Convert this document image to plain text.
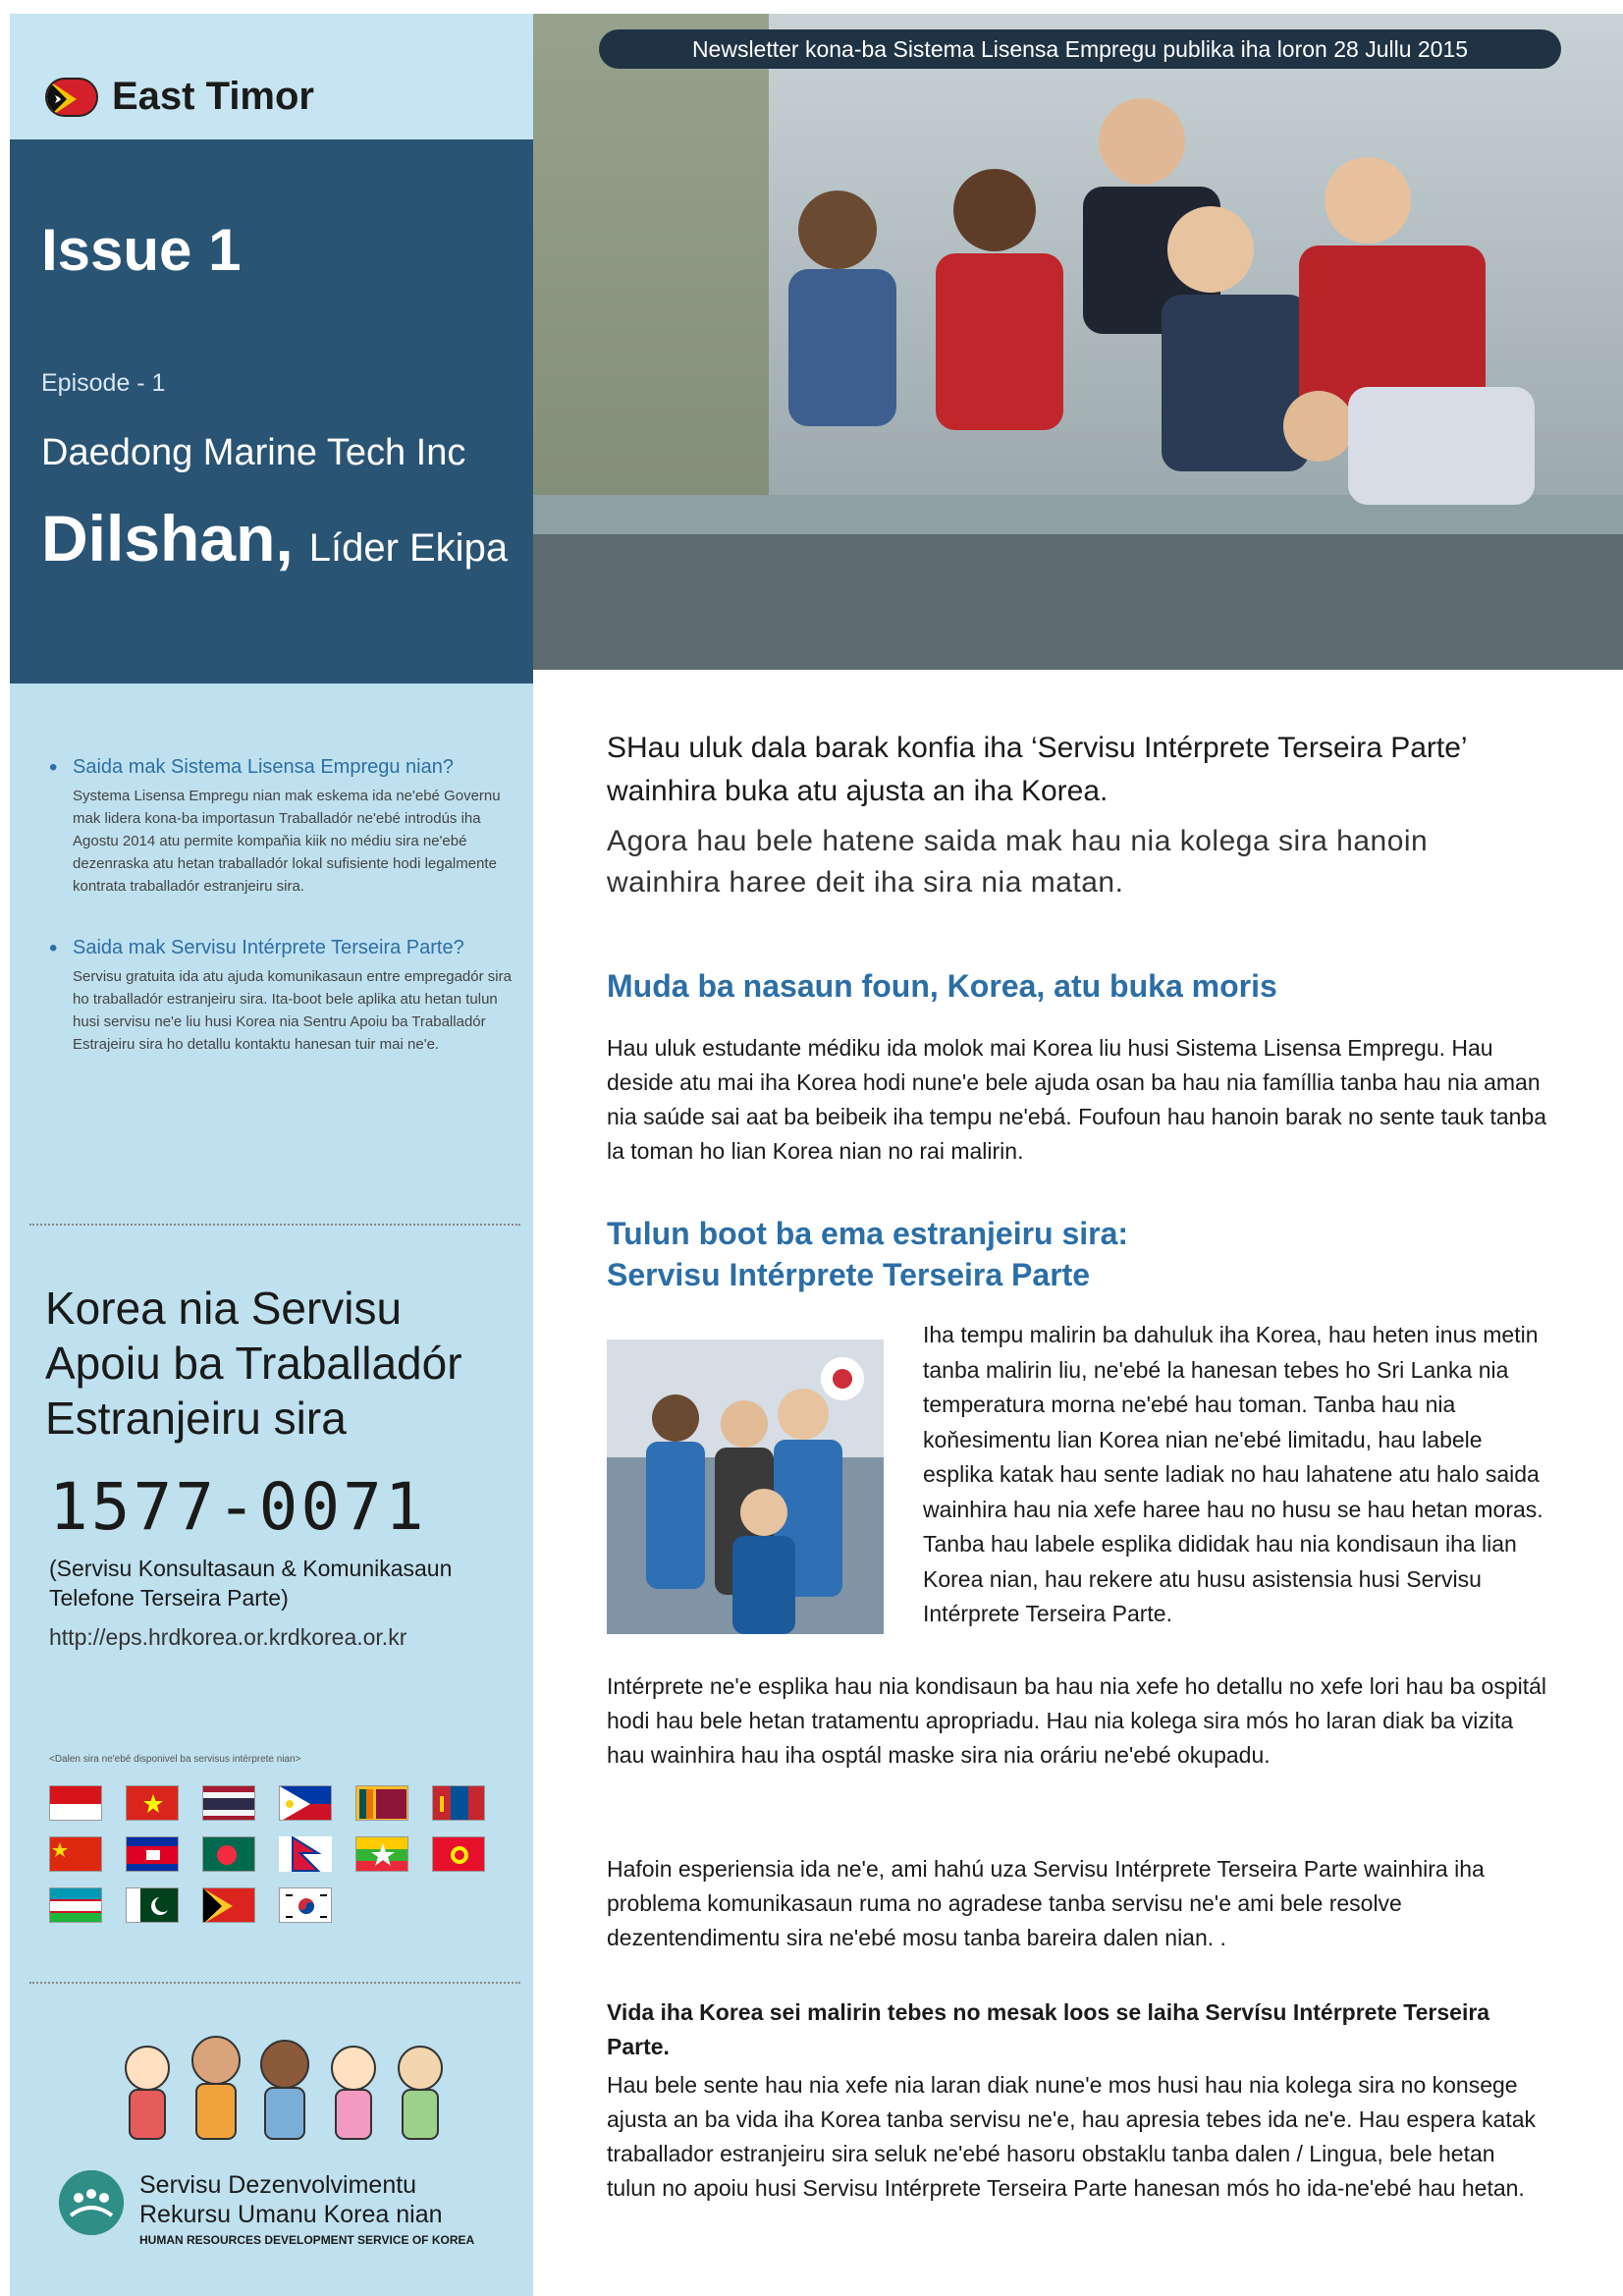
East Timor
Issue 1
Episode - 1
Daedong Marine Tech Inc
Dilshan, Líder Ekipa
• Saida mak Sistema Lisensa Empregu nian?
Systema Lisensa Empregu nian mak eskema ida ne'ebé Governu mak lidera kona-ba importasun Traballadór ne'ebé introdús iha Agostu 2014 atu permite kompaňia kiik no médiu sira ne'ebé dezenraska atu hetan traballadór lokal sufisiente hodi legalmente kontrata traballadór estranjeiru sira.
• Saida mak Servisu Intérprete Terseira Parte?
Servisu gratuita ida atu ajuda komunikasaun entre empregadór sira ho traballadór estranjeiru sira. Ita-boot bele aplika atu hetan tulun husi servisu ne'e liu husi Korea nia Sentru Apoiu ba Traballadór Estrajeiru sira ho detallu kontaktu hanesan tuir mai ne'e.
Korea nia Servisu Apoiu ba Traballadór Estranjeiru sira
1577-0071
(Servisu Konsultasaun & Komunikasaun Telefone Terseira Parte)
http://eps.hrdkorea.or.krdkorea.or.kr
<Dalen sira ne'ebé disponivel ba servisus intérprete nian>
Servisu Dezenvolvimentu
Rekursu Umanu Korea nian
HUMAN RESOURCES DEVELOPMENT SERVICE OF KOREA
Newsletter kona-ba Sistema Lisensa Empregu publika iha loron 28 Jullu 2015
SHau uluk dala barak konfia iha ‘Servisu Intérprete Terseira Parte’ wainhira buka atu ajusta an iha Korea.
Agora hau bele hatene saida mak hau nia kolega sira hanoin wainhira haree deit iha sira nia matan.
Muda ba nasaun foun, Korea, atu buka moris
Hau uluk estudante médiku ida molok mai Korea liu husi Sistema Lisensa Empregu. Hau deside atu mai iha Korea hodi nune'e bele ajuda osan ba hau nia famíllia tanba hau nia aman nia saúde sai aat ba beibeik iha tempu ne'ebá. Foufoun hau hanoin barak no sente tauk tanba la toman ho lian Korea nian no rai malirin.
Tulun boot ba ema estranjeiru sira:
Servisu Intérprete Terseira Parte
Iha tempu malirin ba dahuluk iha Korea, hau heten inus metin tanba malirin liu, ne'ebé la hanesan tebes ho Sri Lanka nia temperatura morna ne'ebé hau toman. Tanba hau nia koňesimentu lian Korea nian ne'ebé limitadu, hau labele esplika katak hau sente ladiak no hau lahatene atu halo saida wainhira hau nia xefe haree hau no husu se hau hetan moras. Tanba hau labele esplika dididak hau nia kondisaun iha lian Korea nian, hau rekere atu husu asistensia husi Servisu Intérprete Terseira Parte.
Intérprete ne'e esplika hau nia kondisaun ba hau nia xefe ho detallu no xefe lori hau ba ospitál hodi hau bele hetan tratamentu apropriadu. Hau nia kolega sira mós ho laran diak ba vizita hau wainhira hau iha osptál maske sira nia oráriu ne'ebé okupadu.
Hafoin esperiensia ida ne'e, ami hahú uza Servisu Intérprete Terseira Parte wainhira iha problema komunikasaun ruma no agradese tanba servisu ne'e ami bele resolve dezentendimentu sira ne'ebé mosu tanba bareira dalen nian. .
Vida iha Korea sei malirin tebes no mesak loos se laiha Servísu Intérprete Terseira Parte.
Hau bele sente hau nia xefe nia laran diak nune'e mos husi hau nia kolega sira no konsege ajusta an ba vida iha Korea tanba servisu ne'e, hau apresia tebes ida ne'e. Hau espera katak traballador estranjeiru sira seluk ne'ebé hasoru obstaklu tanba dalen / Lingua, bele hetan tulun no apoiu husi Servisu Intérprete Terseira Parte hanesan mós ho ida-ne'ebé hau hetan.
